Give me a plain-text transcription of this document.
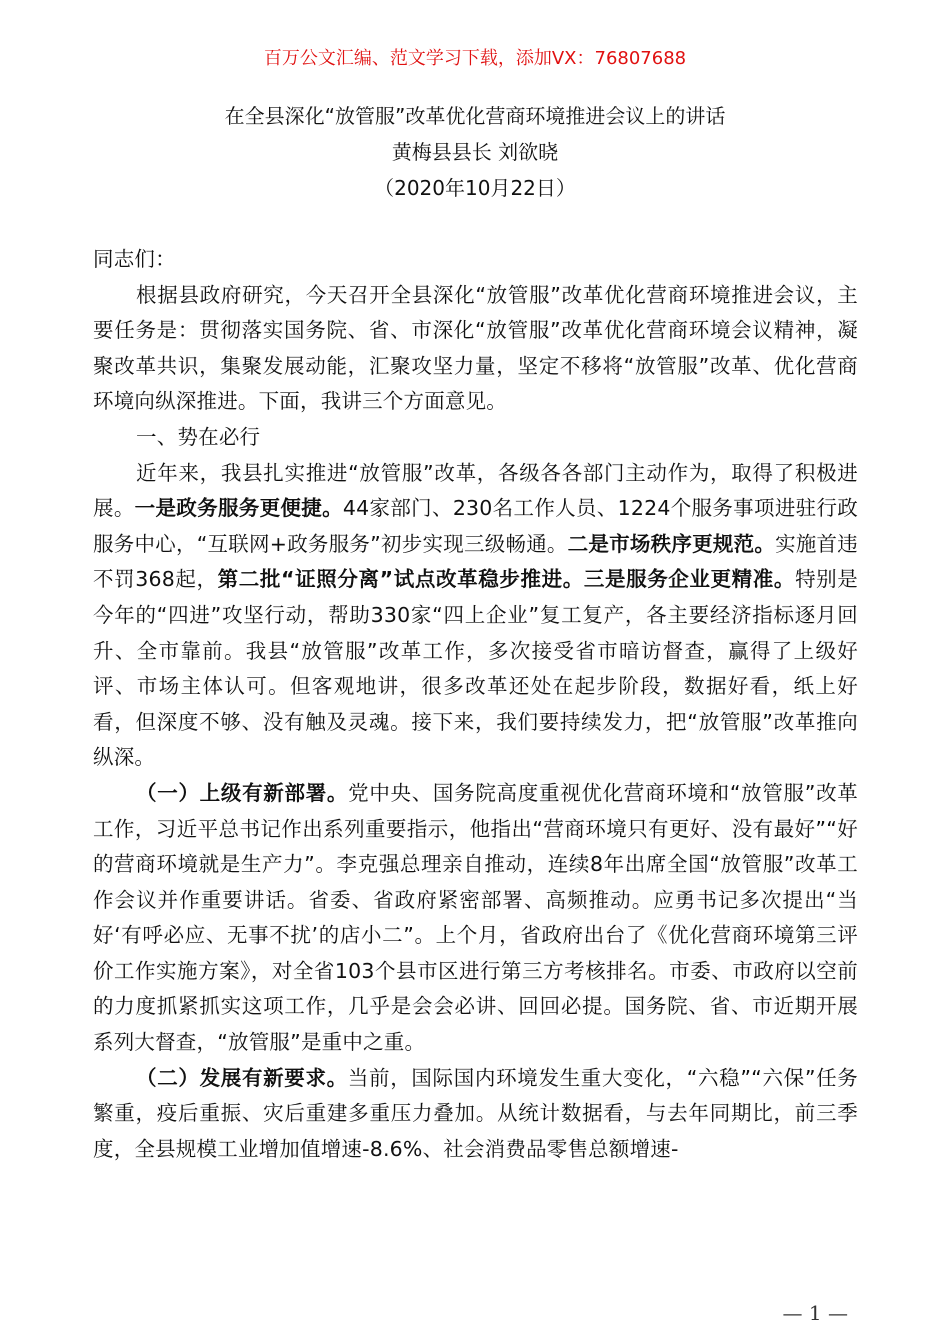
百万公文汇编、范文学习下载，添加VX：76807688
在全县深化“放管服”改革优化营商环境推进会议上的讲话
黄梅县县长 刘欲晓
（2020年10月22日）

同志们：

根据县政府研究，今天召开全县深化“放管服”改革优化营商环境推进会议，主要任务是：贯彻落实国务院、省、市深化“放管服”改革优化营商环境会议精神，凝聚改革共识，集聚发展动能，汇聚攻坚力量，坚定不移将“放管服”改革、优化营商环境向纵深推进。下面，我讲三个方面意见。

一、势在必行

近年来，我县扎实推进“放管服”改革，各级各各部门主动作为，取得了积极进展。一是政务服务更便捷。44家部门、230名工作人员、1224个服务事项进驻行政服务中心，“互联网+政务服务”初步实现三级畅通。二是市场秩序更规范。实施首违不罚368起，第二批“证照分离”试点改革稳步推进。三是服务企业更精准。特别是今年的“四进”攻坚行动，帮助330家“四上企业”复工复产，各主要经济指标逐月回升、全市靠前。我县“放管服”改革工作，多次接受省市暗访督查，赢得了上级好评、市场主体认可。但客观地讲，很多改革还处在起步阶段，数据好看，纸上好看，但深度不够、没有触及灵魂。接下来，我们要持续发力，把“放管服”改革推向纵深。

（一）上级有新部署。党中央、国务院高度重视优化营商环境和“放管服”改革工作，习近平总书记作出系列重要指示，他指出“营商环境只有更好、没有最好”“好的营商环境就是生产力”。李克强总理亲自推动，连续8年出席全国“放管服”改革工作会议并作重要讲话。省委、省政府紧密部署、高频推动。应勇书记多次提出“当好‘有呼必应、无事不扰’的店小二”。上个月，省政府出台了《优化营商环境第三评价工作实施方案》，对全省103个县市区进行第三方考核排名。市委、市政府以空前的力度抓紧抓实这项工作，几乎是会会必讲、回回必提。国务院、省、市近期开展系列大督查，“放管服”是重中之重。

（二）发展有新要求。当前，国际国内环境发生重大变化，“六稳”“六保”任务繁重，疫后重振、灾后重建多重压力叠加。从统计数据看，与去年同期比，前三季度，全县规模工业增加值增速-8.6%、社会消费品零售总额增速-

— 1 —
